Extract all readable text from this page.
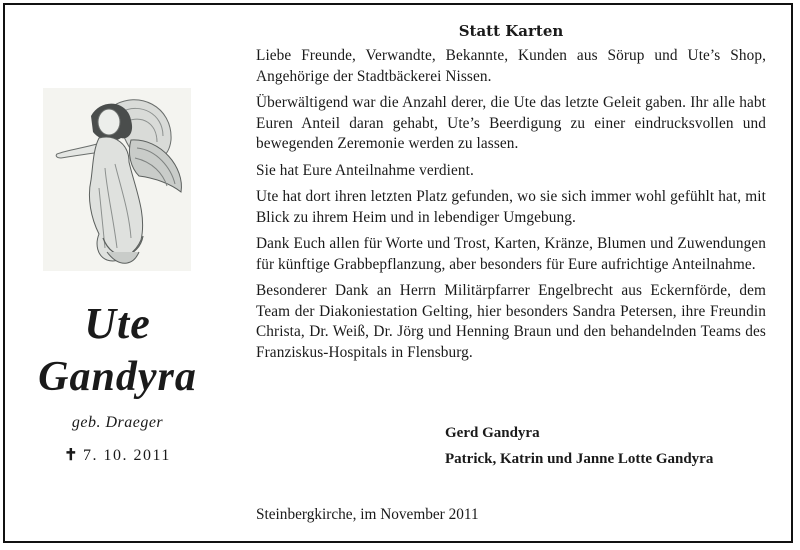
Ute
Gandyra
geb. Draeger
✝ 7. 10. 2011
Statt Karten

Liebe Freunde, Verwandte, Bekannte, Kunden aus Sörup und Ute’s Shop, Angehörige der Stadtbäckerei Nissen.

Überwältigend war die Anzahl derer, die Ute das letzte Geleit gaben. Ihr alle habt Euren Anteil daran gehabt, Ute’s Beerdigung zu einer eindrucksvollen und bewegenden Zeremonie werden zu lassen.

Sie hat Eure Anteilnahme verdient.

Ute hat dort ihren letzten Platz gefunden, wo sie sich immer wohl gefühlt hat, mit Blick zu ihrem Heim und in lebendiger Umgebung.

Dank Euch allen für Worte und Trost, Karten, Kränze, Blumen und Zuwendungen für künftige Grabbepflanzung, aber besonders für Eure aufrichtige Anteilnahme.

Besonderer Dank an Herrn Militärpfarrer Engelbrecht aus Eckernförde, dem Team der Diakoniestation Gelting, hier besonders Sandra Petersen, ihre Freundin Christa, Dr. Weiß, Dr. Jörg und Henning Braun und den behandelnden Teams des Franziskus-Hospitals in Flensburg.

Gerd Gandyra
Patrick, Katrin und Janne Lotte Gandyra
Steinbergkirche, im November 2011
